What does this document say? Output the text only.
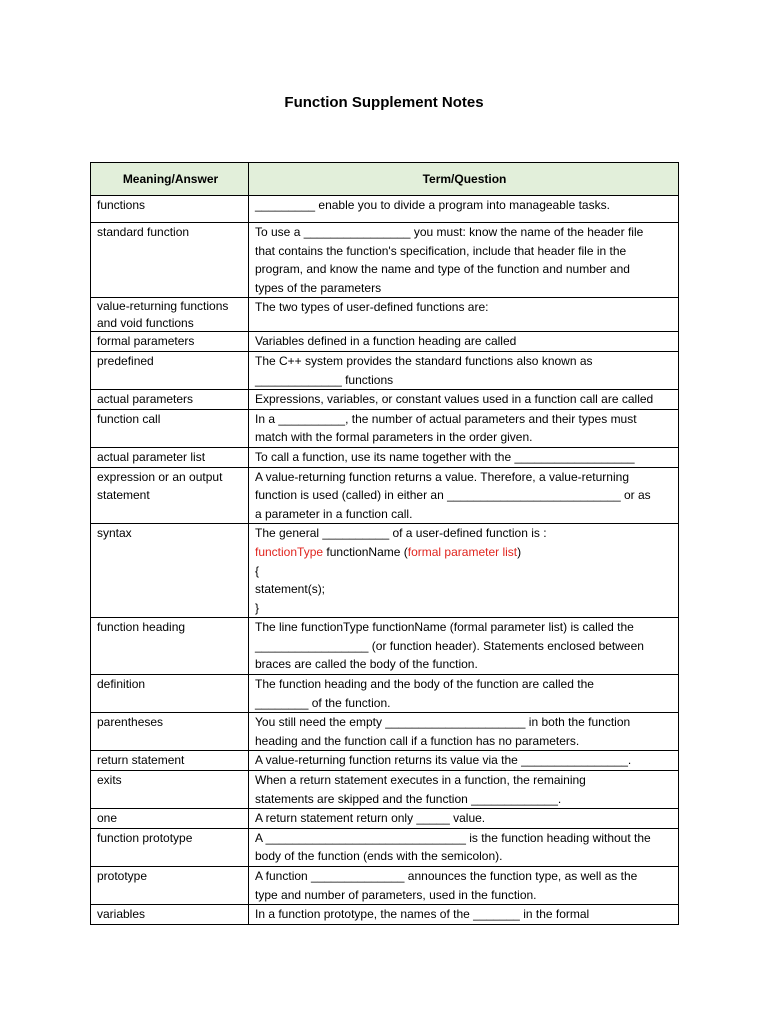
Function Supplement Notes
Meaning/Answer	Term/Question
functions	_________ enable you to divide a program into manageable tasks.
standard function	To use a ________________ you must: know the name of the header file
that contains the function's specification, include that header file in the
program, and know the name and type of the function and number and
types of the parameters

value-returning functions
and void functions	The two types of user-defined functions are:
formal parameters	Variables defined in a function heading are called
predefined	The C++ system provides the standard functions also known as
_____________ functions

actual parameters	Expressions, variables, or constant values used in a function call are called
function call	In a __________, the number of actual parameters and their types must
match with the formal parameters in the order given.

actual parameter list	To call a function, use its name together with the __________________

expression or an output
statement	A value-returning function returns a value. Therefore, a value-returning
function is used (called) in either an __________________________ or as
a parameter in a function call.

syntax	The general __________ of a user-defined function is :
functionType functionName (formal parameter list)
{
statement(s);
}

function heading	The line functionType functionName (formal parameter list) is called the
_________________ (or function header). Statements enclosed between
braces are called the body of the function.

definition	The function heading and the body of the function are called the
________ of the function.

parentheses	You still need the empty _____________________ in both the function
heading and the function call if a function has no parameters.

return statement	A value-returning function returns its value via the ________________.
exits	When a return statement executes in a function, the remaining
statements are skipped and the function _____________.

one	A return statement return only _____ value.
function prototype	A ______________________________ is the function heading without the
body of the function (ends with the semicolon).

prototype	A function ______________ announces the function type, as well as the
type and number of parameters, used in the function.

variables	In a function prototype, the names of the _______ in the formal
